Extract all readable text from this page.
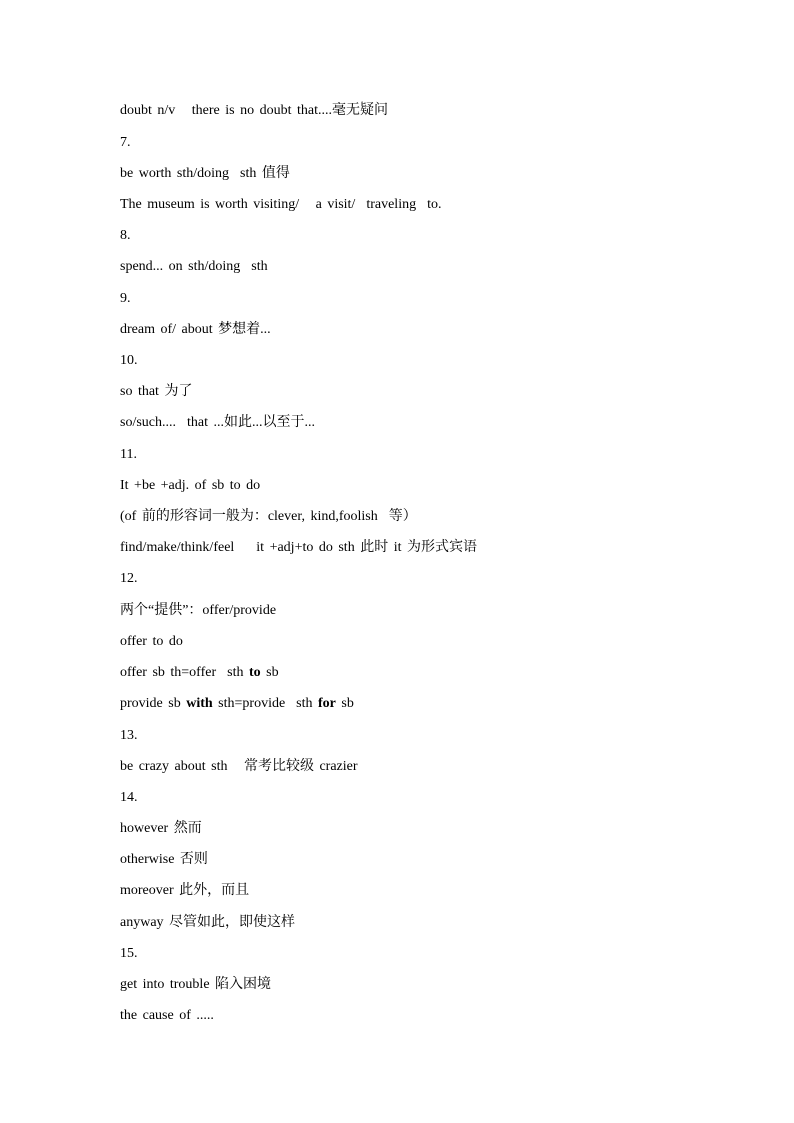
doubt n/v   there is no doubt that....毫无疑问
7.
be worth sth/doing  sth 值得
The museum is worth visiting/   a visit/  traveling  to.
8.
spend... on sth/doing  sth
9.
dream of/ about 梦想着...
10.
so that 为了
so/such....  that ...如此...以至于...
11.
It +be +adj. of sb to do
(of 前的形容词一般为：clever, kind,foolish  等）
find/make/think/feel    it +adj+to do sth 此时 it 为形式宾语
12.
两个“提供”：offer/provide
offer to do
offer sb th=offer  sth to sb
provide sb with sth=provide  sth for sb
13.
be crazy about sth   常考比较级 crazier
14.
however 然而
otherwise 否则
moreover 此外，而且
anyway 尽管如此，即使这样
15.
get into trouble 陷入困境
the cause of .....
